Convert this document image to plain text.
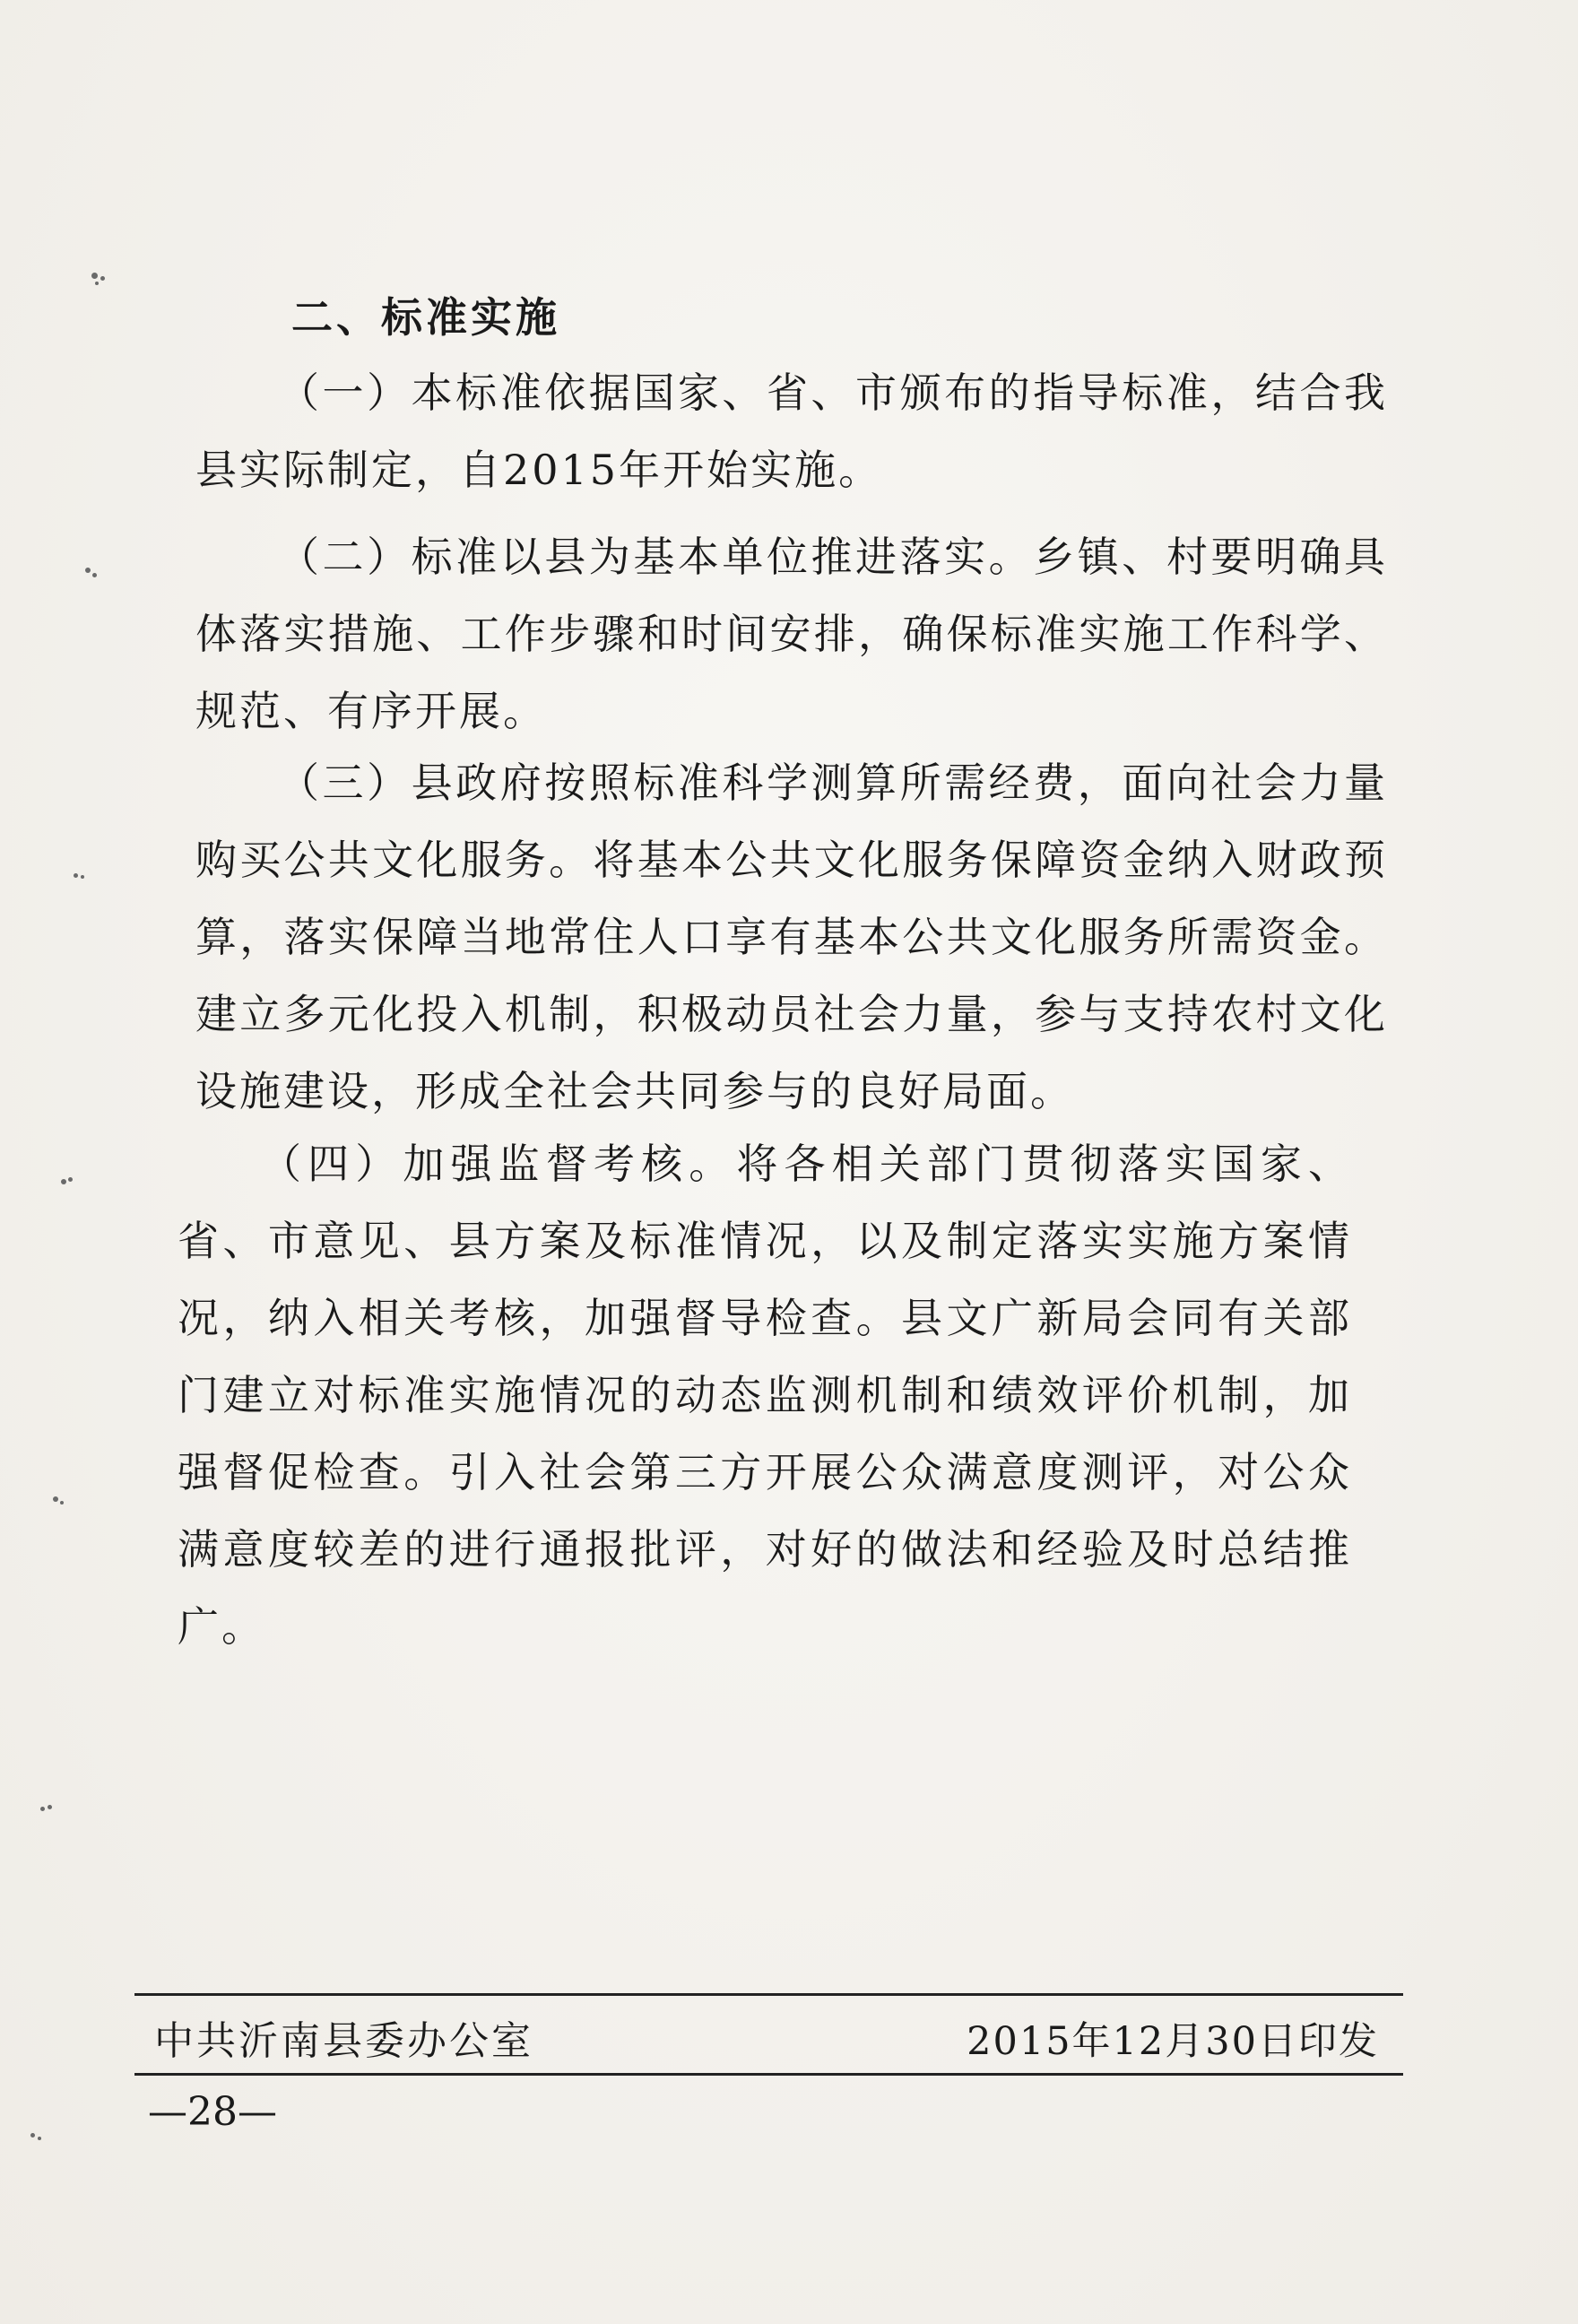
二、标准实施
（一）本标准依据国家、省、市颁布的指导标准，结合我县实际制定，自2015年开始实施。
（二）标准以县为基本单位推进落实。乡镇、村要明确具体落实措施、工作步骤和时间安排，确保标准实施工作科学、规范、有序开展。
（三）县政府按照标准科学测算所需经费，面向社会力量购买公共文化服务。将基本公共文化服务保障资金纳入财政预算，落实保障当地常住人口享有基本公共文化服务所需资金。建立多元化投入机制，积极动员社会力量，参与支持农村文化设施建设，形成全社会共同参与的良好局面。
（四）加强监督考核。将各相关部门贯彻落实国家、省、市意见、县方案及标准情况，以及制定落实实施方案情况，纳入相关考核，加强督导检查。县文广新局会同有关部门建立对标准实施情况的动态监测机制和绩效评价机制，加强督促检查。引入社会第三方开展公众满意度测评，对公众满意度较差的进行通报批评，对好的做法和经验及时总结推广。
中共沂南县委办公室	2015年12月30日印发
—28—
